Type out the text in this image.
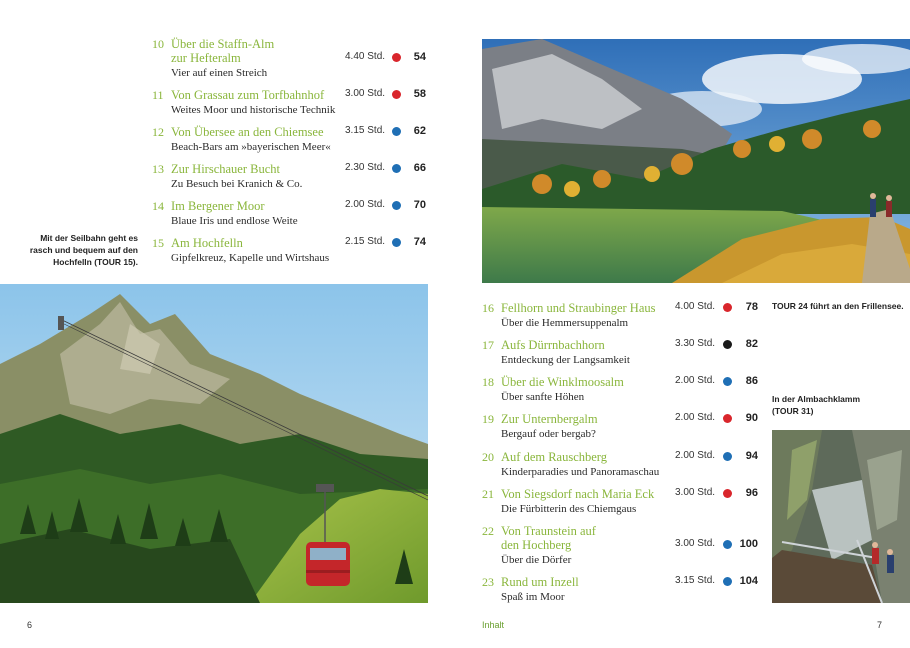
10 Über die Staffn-Alm
zur Hefteralm
Vier auf einen Streich
4.40 Std.	54
11 Von Grassau zum Torfbahnhof
Weites Moor und historische Technik
3.00 Std.	58
12 Von Übersee an den Chiemsee
Beach-Bars am »bayerischen Meer«
3.15 Std.	62
13 Zur Hirschauer Bucht
Zu Besuch bei Kranich & Co.
2.30 Std.	66
14 Im Bergener Moor
Blaue Iris und endlose Weite
2.00 Std.	70
15 Am Hochfelln
Gipfelkreuz, Kapelle und Wirtshaus
2.15 Std.	74
Mit der Seilbahn geht es
rasch und bequem auf den
Hochfelln (TOUR 15).
6
16 Fellhorn und Straubinger Haus
Über die Hemmersuppenalm
4.00 Std.	78
17 Aufs Dürrnbachhorn
Entdeckung der Langsamkeit
3.30 Std.	82
18 Über die Winklmoosalm
Über sanfte Höhen
2.00 Std.	86
19 Zur Unternbergalm
Bergauf oder bergab?
2.00 Std.	90
20 Auf dem Rauschberg
Kinderparadies und Panoramaschau
2.00 Std.	94
21 Von Siegsdorf nach Maria Eck
Die Fürbitterin des Chiemgaus
3.00 Std.	96
22 Von Traunstein auf
den Hochberg
Über die Dörfer
3.00 Std.	100
23 Rund um Inzell
Spaß im Moor
3.15 Std.	104
TOUR 24 führt an den Frillensee.
In der Almbachklamm
(TOUR 31)
Inhalt	7
